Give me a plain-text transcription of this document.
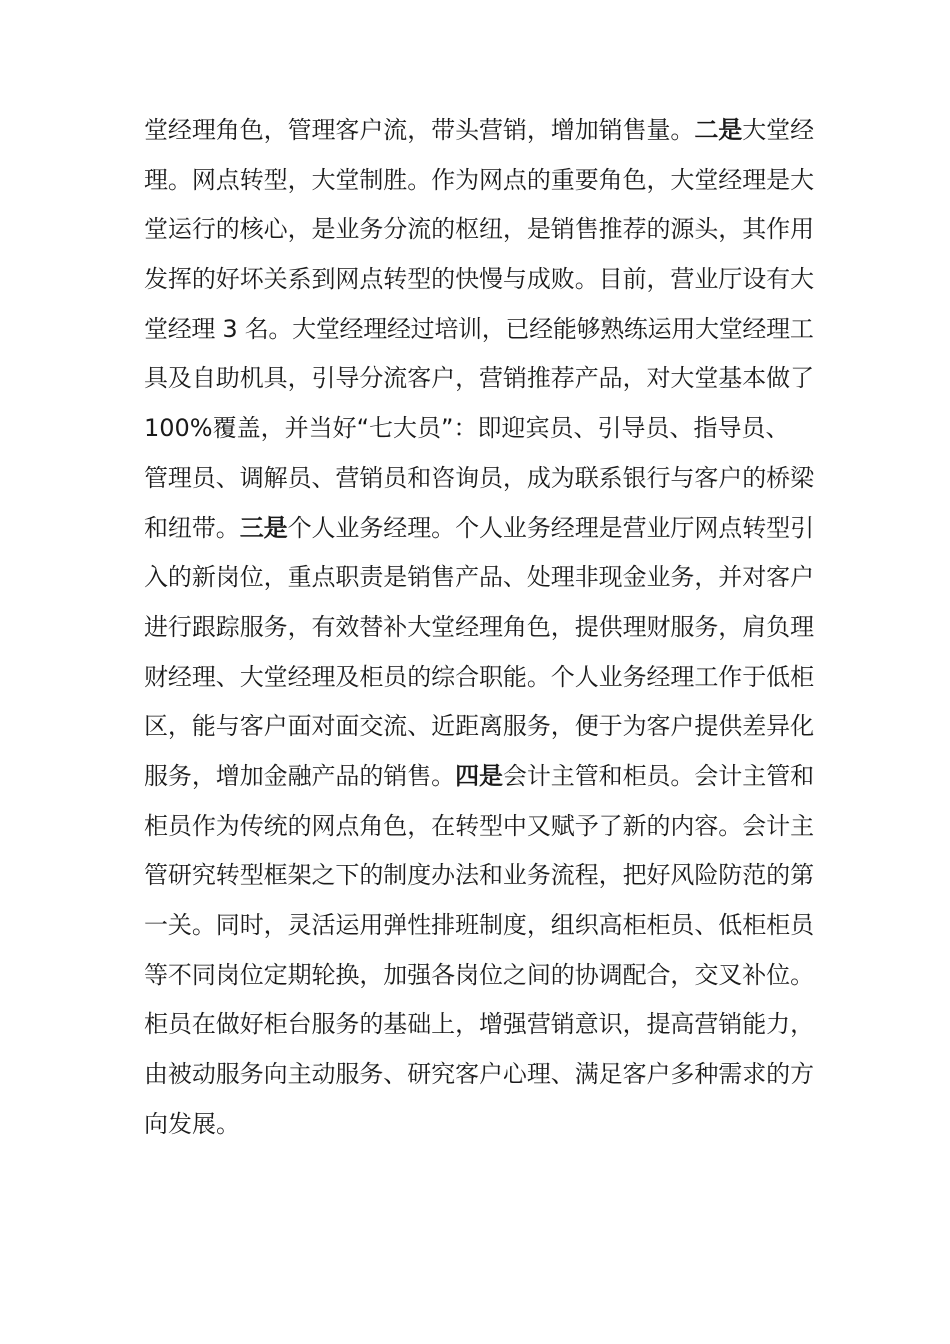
堂经理角色，管理客户流，带头营销，增加销售量。二是大堂经
理。网点转型，大堂制胜。作为网点的重要角色，大堂经理是大
堂运行的核心，是业务分流的枢纽，是销售推荐的源头，其作用
发挥的好坏关系到网点转型的快慢与成败。目前，营业厅设有大
堂经理 3 名。大堂经理经过培训，已经能够熟练运用大堂经理工
具及自助机具，引导分流客户，营销推荐产品，对大堂基本做了
100%覆盖，并当好“七大员”：即迎宾员、引导员、指导员、
管理员、调解员、营销员和咨询员，成为联系银行与客户的桥梁
和纽带。三是个人业务经理。个人业务经理是营业厅网点转型引
入的新岗位，重点职责是销售产品、处理非现金业务，并对客户
进行跟踪服务，有效替补大堂经理角色，提供理财服务，肩负理
财经理、大堂经理及柜员的综合职能。个人业务经理工作于低柜
区，能与客户面对面交流、近距离服务，便于为客户提供差异化
服务，增加金融产品的销售。四是会计主管和柜员。会计主管和
柜员作为传统的网点角色，在转型中又赋予了新的内容。会计主
管研究转型框架之下的制度办法和业务流程，把好风险防范的第
一关。同时，灵活运用弹性排班制度，组织高柜柜员、低柜柜员
等不同岗位定期轮换，加强各岗位之间的协调配合，交叉补位。
柜员在做好柜台服务的基础上，增强营销意识，提高营销能力，
由被动服务向主动服务、研究客户心理、满足客户多种需求的方
向发展。
